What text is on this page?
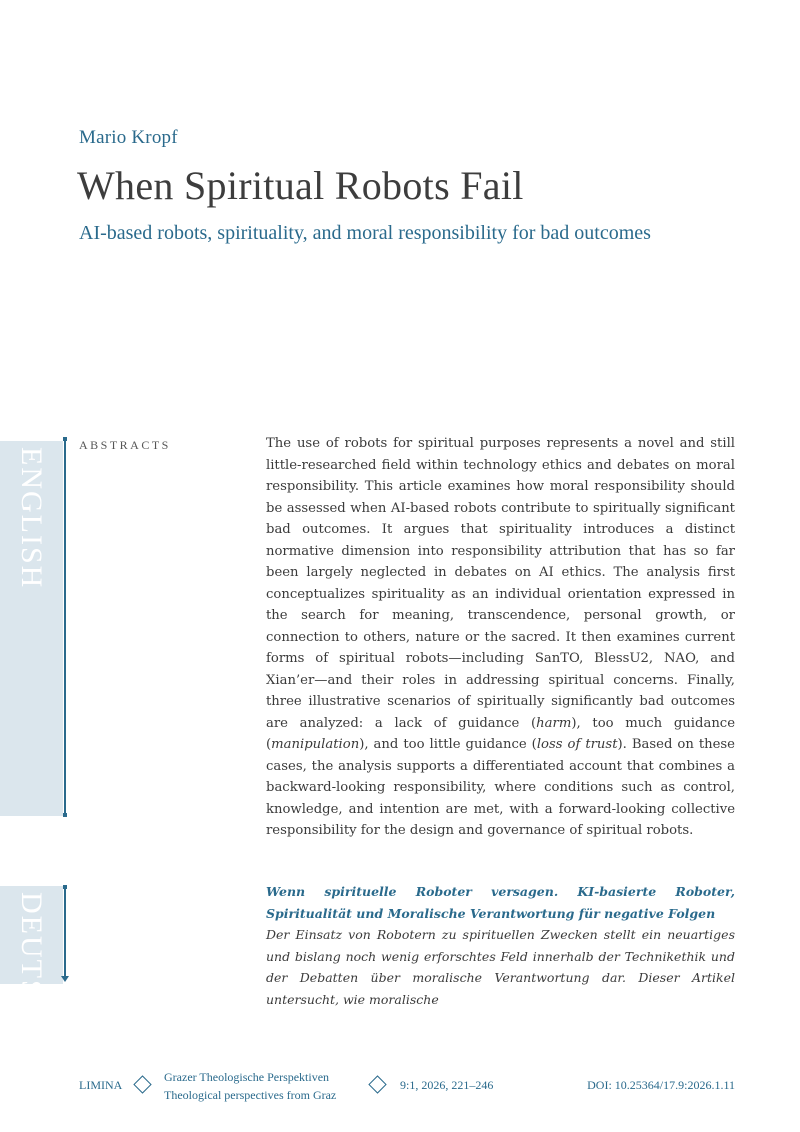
Mario Kropf
When Spiritual Robots Fail
AI-based robots, spirituality, and moral responsibility for bad outcomes
ENGLISH
ABSTRACTS	The use of robots for spiritual purposes represents a novel and still little-researched field within technology ethics and debates on moral responsibility. This article examines how moral responsibility should be assessed when AI-based robots contribute to spiritually significant bad outcomes. It argues that spirituality introduces a distinct normative dimension into responsibility attribution that has so far been largely neglected in debates on AI ethics. The analysis first conceptualizes spirituality as an individual orientation expressed in the search for meaning, transcendence, personal growth, or connection to others, nature or the sacred. It then examines current forms of spiritual robots—including SanTO, BlessU2, NAO, and Xian’er—and their roles in addressing spiritual concerns. Finally, three illustrative scenarios of spiritually significantly bad outcomes are analyzed: a lack of guidance (harm), too much guidance (manipulation), and too little guidance (loss of trust). Based on these cases, the analysis supports a differentiated account that combines a backward-looking responsibility, where conditions such as control, knowledge, and intention are met, with a forward-looking collective responsibility for the design and governance of spiritual robots.
DEUTSCH
Wenn spirituelle Roboter versagen. KI-basierte Roboter, Spiritualität und Moralische Verantwortung für negative Folgen
Der Einsatz von Robotern zu spirituellen Zwecken stellt ein neuartiges und bislang noch wenig erforschtes Feld innerhalb der Technikethik und der Debatten über moralische Verantwortung dar. Dieser Artikel untersucht, wie moralische
LIMINA
Grazer Theologische Perspektiven
Theological perspectives from Graz
9:1, 2026, 221–246	DOI: 10.25364/17.9:2026.1.11
